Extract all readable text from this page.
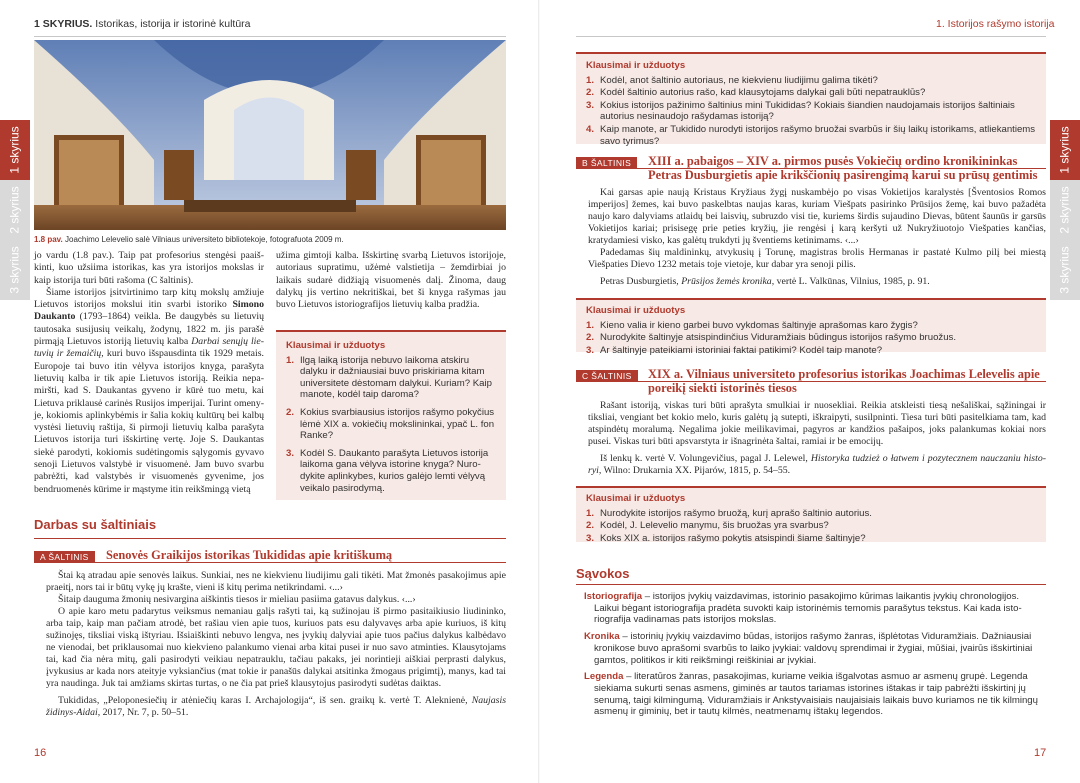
1 SKYRIUS. Istorikas, istorija ir istorinė kultūra
1.8 pav. Joachimo Lelevelio salė Vilniaus universiteto bibliotekoje, fotografuota 2009 m.

jo vardu (1.8 pav.). Taip pat profesorius stengėsi paaiškinti, kuo užsiima istorikas, kas yra istorijos mokslas ir kaip istorija turi būti rašoma (C šaltinis).

Šiame istorijos įsitvirtinimo tarp kitų mokslų amžiuje Lietuvos istorijos mokslui itin svarbi istoriko Simono Daukanto (1793–1864) veikla. Be daugybės su lietuvių tautosaka susijusių veikalų, žodynų, 1822 m. jis parašė pirmąją Lietuvos istoriją lietuvių kalba Darbai senųjų lietuvių ir žemaičių, kuri buvo išspausdinta tik 1929 metais. Europoje tai buvo itin vėlyva istorijos knyga, parašyta lietuvių kalba ir tik apie Lietuvos istoriją. Reikia nepamiršti, kad S. Daukantas gyveno ir kūrė tuo metu, kai Lietuva priklausė carinės Rusijos imperijai. Turint omenyje, kokiomis aplinkybėmis ir šalia kokių kultūrų bei kalbų vystėsi lietuvių raštija, ši pirmoji lietuvių kalba parašyta Lietuvos istorija turi išskirtinę vertę. Joje S. Daukantas siekė parodyti, kokiomis sudėtingomis sąlygomis gyvavo senoji Lietuvos valstybė ir visuomenė. Jam buvo svarbu pabrėžti, kad valstybės ir visuomenės gyvenime, jos bendruomenės kūrime ir mąstyme itin reikšmingą vietą

užima gimtoji kalba. Išskirtinę svarbą Lietuvos istorijoje, autoriaus supratimu, užėmė valstietija – žemdirbiai jo laikais sudarė didžiąją visuomenės dalį. Žinoma, daug dalykų jis vertino nekritiškai, bet ši knyga rašymas jau buvo Lietuvos istoriografijos lietuvių kalba pradžia.

Klausimai ir užduotys
1. Ilgą laiką istorija nebuvo laikoma atskiru dalyku ir dažniausiai buvo priskiriama kitam universitete dėstomam dalykui. Kuriam? Kaip manote, kodėl taip daroma?
2. Kokius svarbiausius istorijos rašymo pokyčius lėmė XIX a. vokiečių mokslininkai, ypač L. fon Ranke?
3. Kodėl S. Daukanto parašyta Lietuvos istorija laikoma gana vėlyva istorine knyga? Nurodykite aplinkybes, kurios galėjo lemti vėlyvą veikalo pasirodymą.
Darbas su šaltiniais
A ŠALTINIS	Senovės Graikijos istorikas Tukididas apie kritiškumą

Štai ką atradau apie senovės laikus. Sunkiai, nes ne kiekvienu liudijimu gali tikėti. Mat žmonės pasakojimus apie praeitį, nors tai ir būtų vykę jų krašte, vieni iš kitų perima netikrindami. ‹...›

Šitaip dauguma žmonių nesivargina aiškintis tiesos ir mieliau pasiima gatavus dalykus. ‹...›

O apie karo metu padarytus veiksmus nemaniau galįs rašyti tai, ką sužinojau iš pirmo pasitaikiusio liudininko, arba taip, kaip man pačiam atrodė, bet rašiau vien apie tuos, kuriuos pats esu dalyvavęs arba apie kuriuos, iš kitų sužinojęs, tiksliai viską ištyriau. Išsiaiškinti nebuvo lengva, nes įvykių dalyviai apie tuos pačius dalykus kalbėdavo ne vienodai, bet priklausomai nuo kiekvieno palankumo vienai arba kitai pusei ir nuo savo atminties. Klausytojams tai, kad čia nėra mitų, gali pasirodyti veikiau nepatrauklu, tačiau pakaks, jei norintieji aiškiai perprasti dalykus, įvykusius ar kada nors ateityje vyksiančius (mat tokie ir panašūs dalykai atsitinka žmogaus prigimtį), manys, kad tai yra naudinga. Juk tai amžiams skirtas turtas, o ne čia pat prieš klausytojus pasirodyti sudėtas daiktas.

Tukididas, „Peloponesiečių ir atėniečių karas I. Archajologija“, iš sen. graikų k. vertė T. Aleknienė, Naujasis židinys-Aidai, 2017, Nr. 7, p. 50–51.

1 skyrius
2 skyrius
3 skyrius
16
1. Istorijos rašymo istorija
Klausimai ir užduotys
1. Kodėl, anot šaltinio autoriaus, ne kiekvienu liudijimu galima tikėti?
2. Kodėl šaltinio autorius rašo, kad klausytojams dalykai gali būti nepatrauklūs?
3. Kokius istorijos pažinimo šaltinius mini Tukididas? Kokiais šiandien naudojamais istorijos šaltiniais autorius nesinaudojo rašydamas istoriją?
4. Kaip manote, ar Tukidido nurodyti istorijos rašymo bruožai svarbūs ir šių laikų istorikams, atliekantiems savo tyrimus?
B ŠALTINIS	XIII a. pabaigos – XIV a. pirmos pusės Vokiečių ordino kronikininkas Petras Dusburgietis apie krikščionių pasirengimą karui su prūsų gentimis

Kai garsas apie naują Kristaus Kryžiaus žygį nuskambėjo po visas Vokietijos karalystės [Šventosios Romos imperijos] žemes, kai buvo paskelbtas naujas karas, kuriam Viešpats pasirinko Prūsijos žemę, kai buvo pažadėta naujo karo dalyviams atlaidų bei laisvių, subruzdo visi tie, kuriems širdis sujaudino Dievas, būtent šaunūs ir garsūs Vokietijos kariai; prisisegę prie peties kryžių, jie rengėsi į karą keršyti už Nukryžiuotojo Viešpaties kančias, kratydamiesi visko, kas galėtų trukdyti jų šventiems ketinimams. ‹...›

Padedamas šių maldininkų, atvykusių į Torunę, magistras brolis Hermanas ir pastatė Kulmo pilį bei miestą Viešpaties Dievo 1232 metais toje vietoje, kur dabar yra senoji pilis.

Petras Dusburgietis, Prūsijos žemės kronika, vertė L. Valkūnas, Vilnius, 1985, p. 91.

Klausimai ir užduotys
1. Kieno valia ir kieno garbei buvo vykdomas šaltinyje aprašomas karo žygis?
2. Nurodykite šaltinyje atsispindinčius Viduramžiais būdingus istorijos rašymo bruožus.
3. Ar šaltinyje pateikiami istoriniai faktai patikimi? Kodėl taip manote?
C ŠALTINIS	XIX a. Vilniaus universiteto profesorius istorikas Joachimas Lelevelis apie poreikį siekti istorinės tiesos

Rašant istoriją, viskas turi būti aprašyta smulkiai ir nuosekliai. Reikia atskleisti tiesą nešališkai, sąžiningai ir tiksliai, vengiant bet kokio melo, kuris galėtų ją sutepti, iškraipyti, susilpninti. Tiesa turi būti pasitelkiama tam, kad atspindėtų moralumą. Negalima jokie meilikavimai, pagyros ar kandžios pašaipos, joks palankumas kokiai nors pusei. Viskas turi būti apsvarstyta ir išnagrinėta šaltai, ramiai ir be emocijų.

Iš lenkų k. vertė V. Volungevičius, pagal J. Lelewel, Historyka tudzież o łatwem i pozytecznem nauczaniu historyi, Wilno: Drukarnia XX. Pijarów, 1815, p. 54–55.

Klausimai ir užduotys
1. Nurodykite istorijos rašymo bruožą, kurį aprašo šaltinio autorius.
2. Kodėl, J. Lelevelio manymu, šis bruožas yra svarbus?
3. Koks XIX a. istorijos rašymo pokytis atsispindi šiame šaltinyje?
Sąvokos
Istoriografija – istorijos įvykių vaizdavimas, istorinio pasakojimo kūrimas laikantis įvykių chronologijos. Laikui bėgant istoriografija pradėta suvokti kaip istorinėmis temomis parašytus tekstus. Kai kada istoriografija vadinamas pats istorijos mokslas.
Kronika – istorinių įvykių vaizdavimo būdas, istorijos rašymo žanras, išplėtotas Viduramžiais. Dažniausiai kronikose buvo aprašomi svarbūs to laiko įvykiai: valdovų sprendimai ir žygiai, mūšiai, įvairūs išskirtiniai gamtos, politikos ir kiti reikšmingi reiškiniai ar įvykiai.
Legenda – literatūros žanras, pasakojimas, kuriame veikia išgalvotas asmuo ar asmenų grupė. Legenda siekiama sukurti senas asmens, giminės ar tautos tariamas istorines ištakas ir taip pabrėžti išskirtinį jų senumą, taigi kilmingumą. Viduramžiais ir Ankstyvaisiais naujaisiais laikais buvo kuriamos ne tik kilmingų asmenų ir giminių, bet ir tautų kilmės, neatmenamų ištakų legendos.
1 skyrius
2 skyrius
3 skyrius
17
